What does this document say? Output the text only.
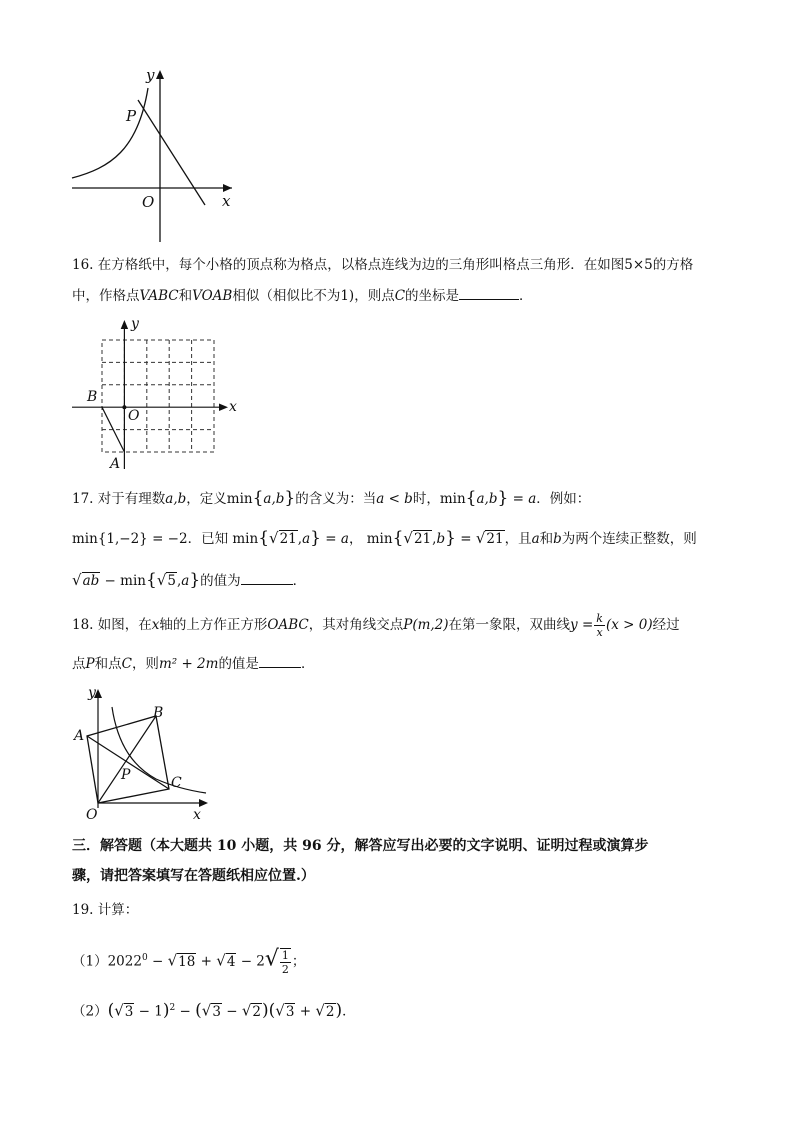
y
x
O
P
16. 在方格纸中，每个小格的顶点称为格点，以格点连线为边的三角形叫格点三角形．在如图5×5的方格
中，作格点VABC和VOAB相似（相似比不为1)，则点C的坐标是	．
y
x
B
O
A
17. 对于有理数a,b，定义min{a,b}的含义为：当a < b时，min{a,b} = a．例如：
min{1,−2} = −2．已知 min{√21,a} = a， min{√21,b} = √21，且a和b为两个连续正整数，则
√ab − min{√5,a}的值为	．
18. 如图，在x轴的上方作正方形OABC，其对角线交点P(m,2)在第一象限，双曲线$y = \frac{k}{x} (x > 0)$经过
点P和点C，则m² + 2m的值是	．
y
x
O
A
B
C
P
三．解答题（本大题共 10 小题，共 96 分，解答应写出必要的文字说明、证明过程或演算步
骤，请把答案填写在答题纸相应位置.）
19. 计算：
$(1)2022^0 - √18 + √4 - 2√ \frac{1}{2}$ ；
$(2)(√3 - 1)^2 - (√3 - √2)(√3 + √2)$．
